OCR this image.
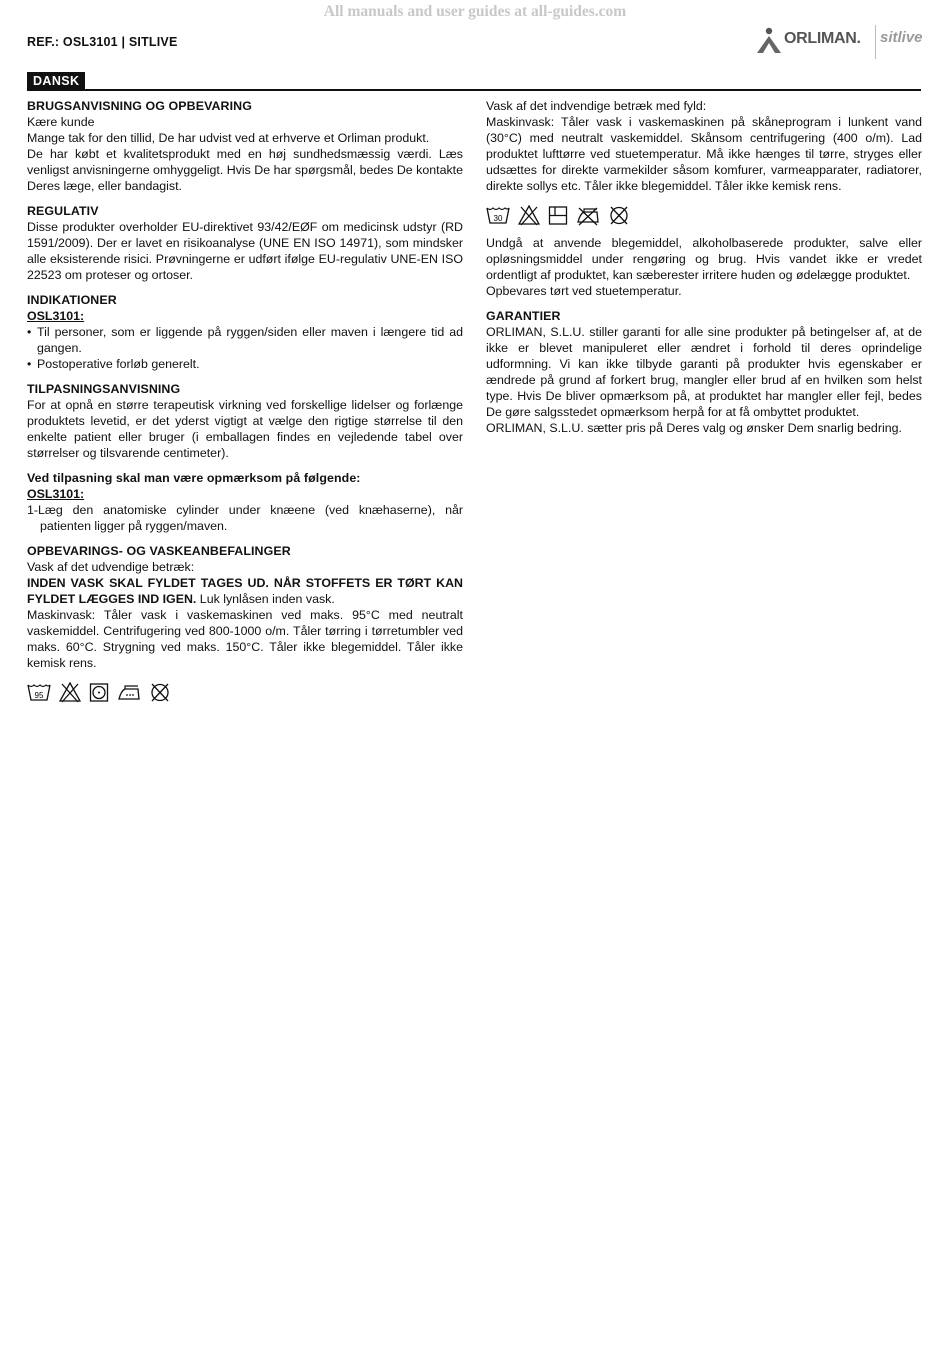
All manuals and user guides at all-guides.com
REF.: OSL3101 | SITLIVE	ORLIMAN. sitlive
DANSK
BRUGSANVISNING OG OPBEVARING

Kære kunde

Mange tak for den tillid, De har udvist ved at erhverve et Orliman produkt.

De har købt et kvalitetsprodukt med en høj sundhedsmæssig værdi. Læs venligst anvisningerne omhyggeligt. Hvis De har spørgsmål, bedes De kontakte Deres læge, eller bandagist.

REGULATIV

Disse produkter overholder EU-direktivet 93/42/EØF om medicinsk udstyr (RD 1591/2009). Der er lavet en risikoanalyse (UNE EN ISO 14971), som mindsker alle eksisterende risici. Prøvningerne er udført ifølge EU-regulativ UNE-EN ISO 22523 om proteser og ortoser.

INDIKATIONER

OSL3101:

• Til personer, som er liggende på ryggen/siden eller maven i længere tid ad gangen.

• Postoperative forløb generelt.

TILPASNINGSANVISNING

For at opnå en større terapeutisk virkning ved forskellige lidelser og forlænge produktets levetid, er det yderst vigtigt at vælge den rigtige størrelse til den enkelte patient eller bruger (i emballagen findes en vejledende tabel over størrelser og tilsvarende centimeter).

Ved tilpasning skal man være opmærksom på følgende:

OSL3101:

1-Læg den anatomiske cylinder under knæene (ved knæhaserne), når patienten ligger på ryggen/maven.

OPBEVARINGS- OG VASKEANBEFALINGER

Vask af det udvendige betræk:

INDEN VASK SKAL FYLDET TAGES UD. NÅR STOFFETS ER TØRT KAN FYLDET LÆGGES IND IGEN. Luk lynlåsen inden vask.

Maskinvask: Tåler vask i vaskemaskinen ved maks. 95°C med neutralt vaskemiddel. Centrifugering ved 800-1000 o/m. Tåler tørring i tørretumbler ved maks. 60°C. Strygning ved maks. 150°C. Tåler ikke blegemiddel. Tåler ikke kemisk rens.

95

Vask af det indvendige betræk med fyld:

Maskinvask: Tåler vask i vaskemaskinen på skåneprogram i lunkent vand (30°C) med neutralt vaskemiddel. Skånsom centrifugering (400 o/m). Lad produktet lufttørre ved stuetemperatur. Må ikke hænges til tørre, stryges eller udsættes for direkte varmekilder såsom komfurer, varmeapparater, radiatorer, direkte sollys etc. Tåler ikke blegemiddel. Tåler ikke kemisk rens.

30

Undgå at anvende blegemiddel, alkoholbaserede produkter, salve eller opløsningsmiddel under rengøring og brug. Hvis vandet ikke er vredet ordentligt af produktet, kan sæberester irritere huden og ødelægge produktet.

Opbevares tørt ved stuetemperatur.

GARANTIER

ORLIMAN, S.L.U. stiller garanti for alle sine produkter på betingelser af, at de ikke er blevet manipuleret eller ændret i forhold til deres oprindelige udformning. Vi kan ikke tilbyde garanti på produkter hvis egenskaber er ændrede på grund af forkert brug, mangler eller brud af en hvilken som helst type. Hvis De bliver opmærksom på, at produktet har mangler eller fejl, bedes De gøre salgsstedet opmærksom herpå for at få ombyttet produktet.

ORLIMAN, S.L.U. sætter pris på Deres valg og ønsker Dem snarlig bedring.
